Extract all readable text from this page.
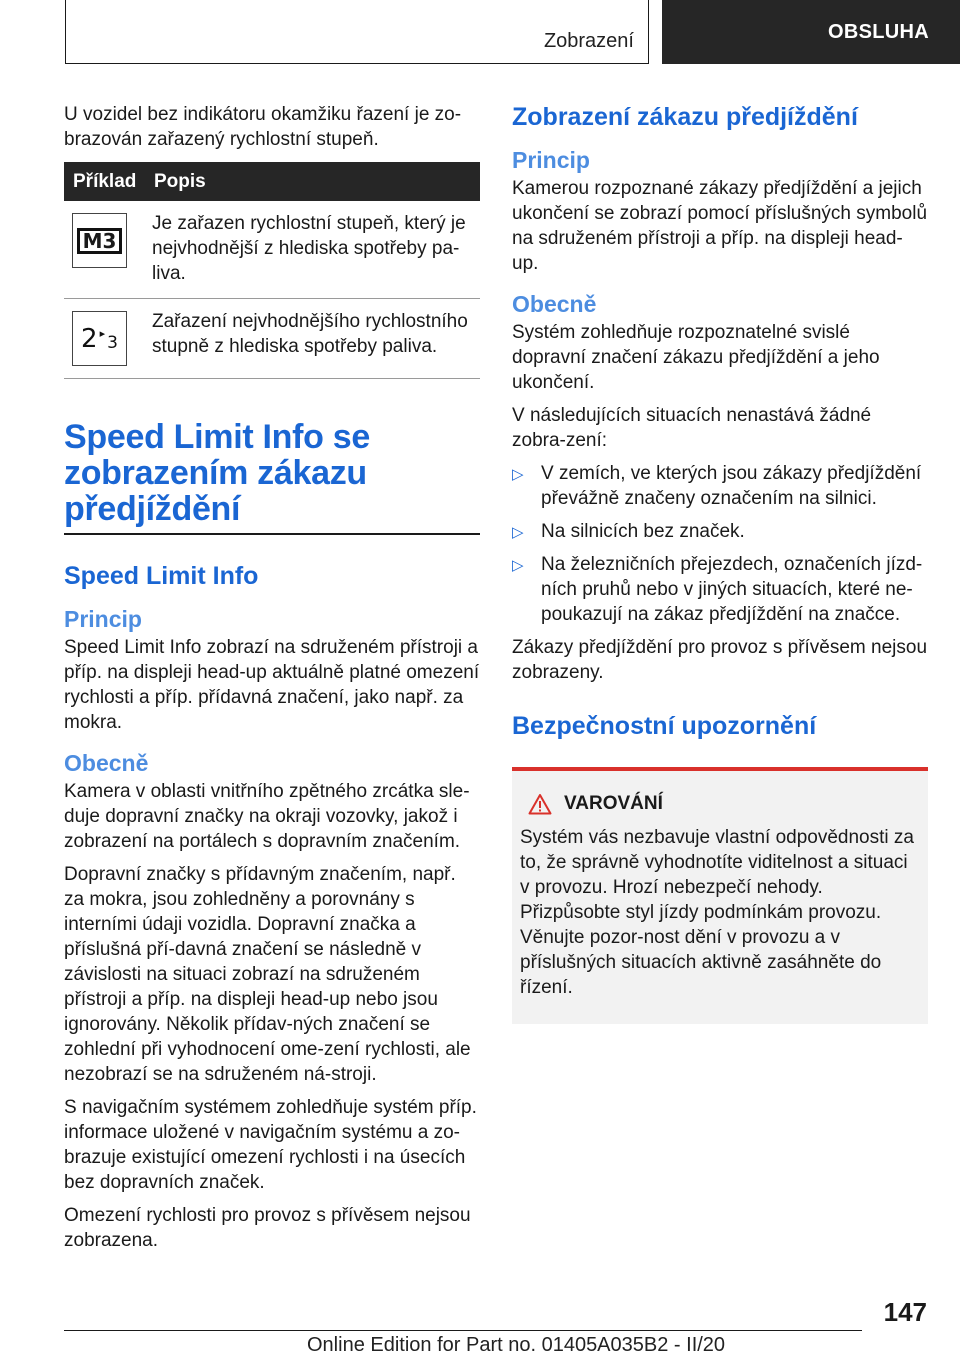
Zobrazení	OBSLUHA

U vozidel bez indikátoru okamžiku řazení je zo-brazován zařazený rychlostní stupeň.

Příklad Popis
M3
Je zařazen rychlostní stupeň, který je nejvhodnější z hlediska spotřeby pa-liva.
2 ▸ 3
Zařazení nejvhodnějšího rychlostního stupně z hlediska spotřeby paliva.
Speed Limit Info se zobrazením zákazu předjíždění
Speed Limit Info
Princip

Speed Limit Info zobrazí na sdruženém přístroji a příp. na displeji head-up aktuálně platné omezení rychlosti a příp. přídavná značení, jako např. za mokra.

Obecně

Kamera v oblasti vnitřního zpětného zrcátka sle-duje dopravní značky na okraji vozovky, jakož i zobrazení na portálech s dopravním značením.

Dopravní značky s přídavným značením, např. za mokra, jsou zohledněny a porovnány s interními údaji vozidla. Dopravní značka a příslušná pří-davná značení se následně v závislosti na situaci zobrazí na sdruženém přístroji a příp. na displeji head-up nebo jsou ignorovány. Několik přídav-ných značení se zohlední při vyhodnocení ome-zení rychlosti, ale nezobrazí se na sdruženém ná-stroji.

S navigačním systémem zohledňuje systém příp. informace uložené v navigačním systému a zo-brazuje existující omezení rychlosti i na úsecích bez dopravních značek.

Omezení rychlosti pro provoz s přívěsem nejsou zobrazena.

Zobrazení zákazu předjíždění
Princip

Kamerou rozpoznané zákazy předjíždění a jejich ukončení se zobrazí pomocí příslušných symbolů na sdruženém přístroji a příp. na displeji head-up.

Obecně

Systém zohledňuje rozpoznatelné svislé dopravní značení zákazu předjíždění a jeho ukončení.

V následujících situacích nenastává žádné zobra-zení:

▷ V zemích, ve kterých jsou zákazy předjíždění převážně značeny označením na silnici.
▷ Na silnicích bez značek.
▷ Na železničních přejezdech, označeních jízd-ních pruhů nebo v jiných situacích, které ne-poukazují na zákaz předjíždění na značce.

Zákazy předjíždění pro provoz s přívěsem nejsou zobrazeny.

Bezpečnostní upozornění
VAROVÁNÍ
Systém vás nezbavuje vlastní odpovědnosti za to, že správně vyhodnotíte viditelnost a situaci v provozu. Hrozí nebezpečí nehody. Přizpůsobte styl jízdy podmínkám provozu. Věnujte pozor-nost dění v provozu a v příslušných situacích aktivně zasáhněte do řízení.
147
Online Edition for Part no. 01405A035B2 - II/20
